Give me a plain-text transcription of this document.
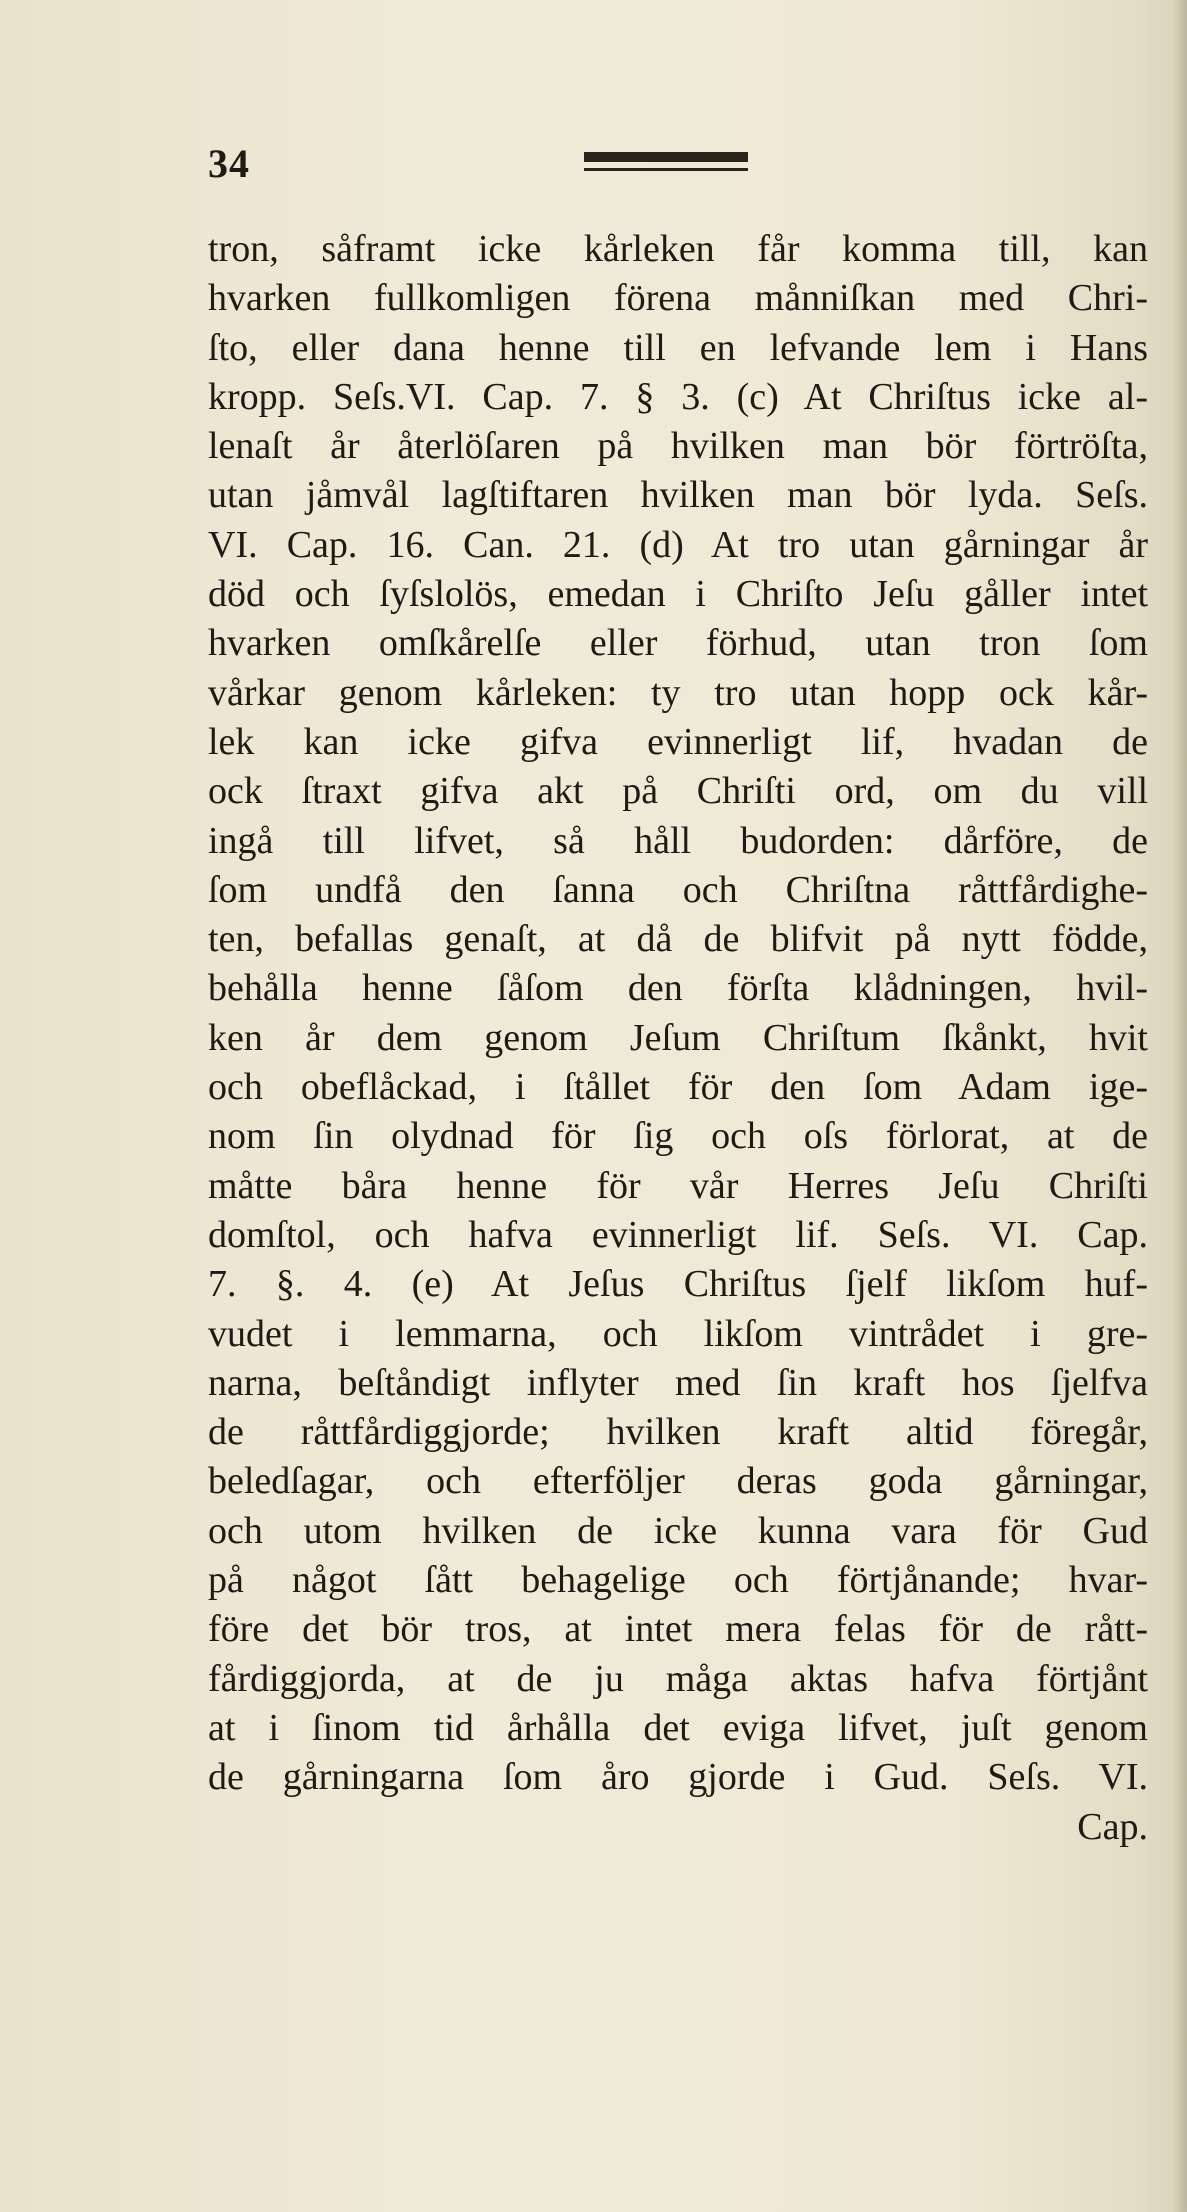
34

tron, såframt icke kårleken får komma till, kan
hvarken fullkomligen förena månniſkan med Chri-
ſto, eller dana henne till en lefvande lem i Hans
kropp. Seſs.VI. Cap. 7. § 3. (c) At Chriſtus icke al-
lenaſt år återlöſaren på hvilken man bör förtröſta,
utan jåmvål lagſtiftaren hvilken man bör lyda. Seſs.
VI. Cap. 16. Can. 21. (d) At tro utan gårningar år
död och ſyſslolös, emedan i Chriſto Jeſu gåller intet
hvarken omſkårelſe eller förhud, utan tron ſom
vårkar genom kårleken: ty tro utan hopp ock kår-
lek kan icke gifva evinnerligt lif, hvadan de
ock ſtraxt gifva akt på Chriſti ord, om du vill
ingå till lifvet, så håll budorden: dårföre, de
ſom undfå den ſanna och Chriſtna råttfårdighe-
ten, befallas genaſt, at då de blifvit på nytt födde,
behålla henne ſåſom den förſta klådningen, hvil-
ken år dem genom Jeſum Chriſtum ſkånkt, hvit
och obeflåckad, i ſtållet för den ſom Adam ige-
nom ſin olydnad för ſig och oſs förlorat, at de
måtte båra henne för vår Herres Jeſu Chriſti
domſtol, och hafva evinnerligt lif. Seſs. VI. Cap.
7. §. 4. (e) At Jeſus Chriſtus ſjelf likſom huf-
vudet i lemmarna, och likſom vintrådet i gre-
narna, beſtåndigt inflyter med ſin kraft hos ſjelfva
de råttfårdiggjorde; hvilken kraft altid föregår,
beledſagar, och efterföljer deras goda gårningar,
och utom hvilken de icke kunna vara för Gud
på något ſått behagelige och förtjånande; hvar-
före det bör tros, at intet mera felas för de rått-
fårdiggjorda, at de ju måga aktas hafva förtjånt
at i ſinom tid århålla det eviga lifvet, juſt genom
de gårningarna ſom åro gjorde i Gud. Seſs. VI.
Cap.
